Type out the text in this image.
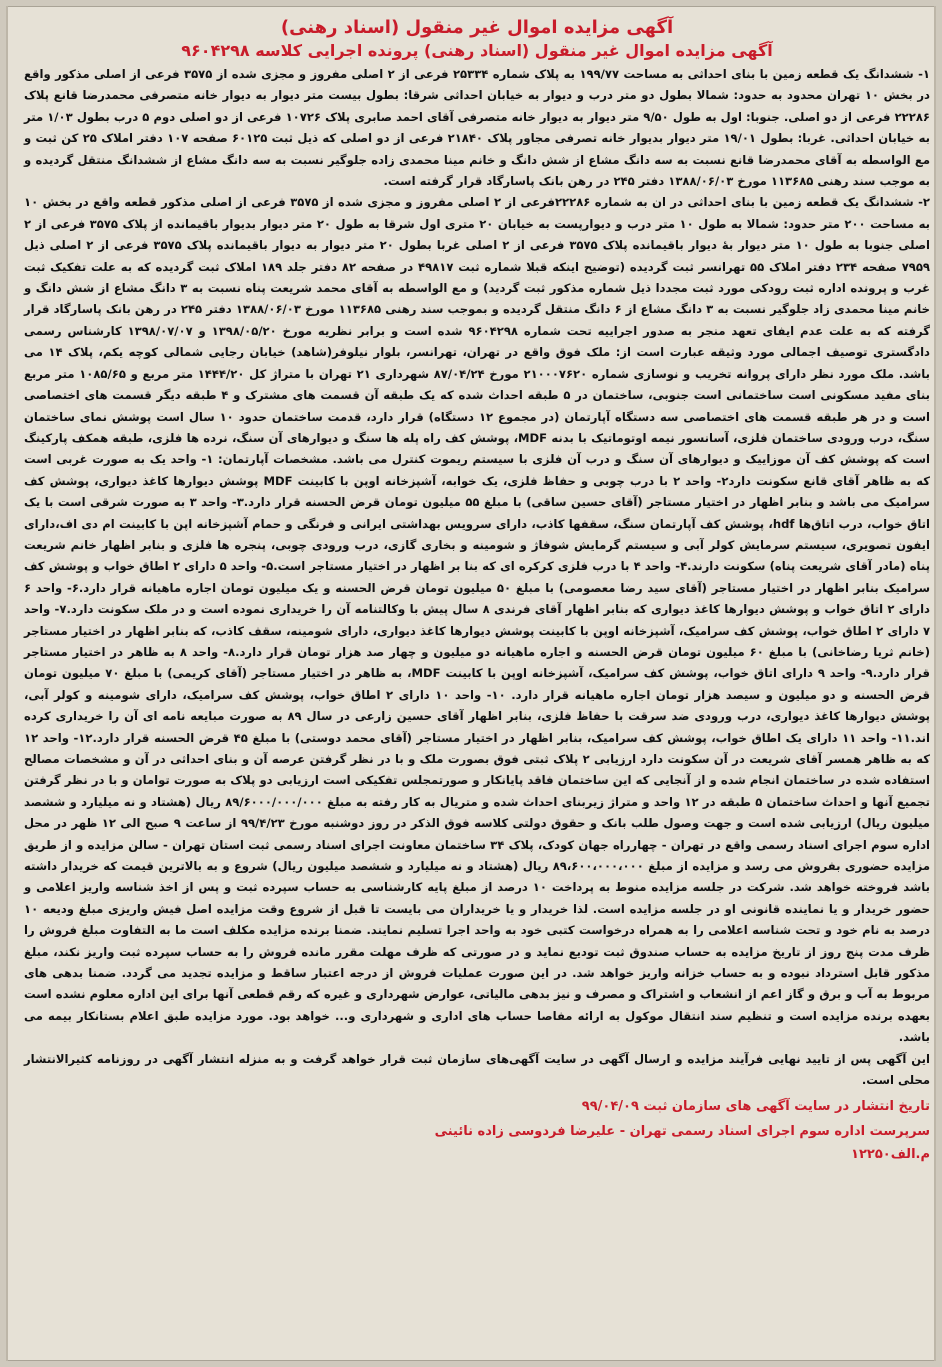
آگهی مزایده اموال غیر منقول (اسناد رهنی)
آگهی مزایده اموال غیر منقول (اسناد رهنی) پرونده اجرایی کلاسه ۹۶۰۴۲۹۸

۱- ششدانگ یک قطعه زمین با بنای احداثی به مساحت ۱۹۹/۷۷ به پلاک شماره ۲۵۳۳۴ فرعی از ۲ اصلی مفروز و مجزی شده از ۳۵۷۵ فرعی از اصلی مذکور واقع در بخش ۱۰ تهران محدود به حدود: شمالا بطول دو متر درب و دیوار به خیابان احداثی شرقا: بطول بیست متر دیوار به دیوار خانه متصرفی محمدرضا قانع پلاک ۲۲۲۸۶ فرعی از دو اصلی. جنوبا: اول به طول ۹/۵۰ متر دیوار به دیوار خانه متصرفی آقای احمد صابری پلاک ۱۰۷۲۶ فرعی از دو اصلی دوم ۵ درب بطول ۱/۰۳ متر به خیابان احداثی. غربا: بطول ۱۹/۰۱ متر دیوار بدیوار خانه تصرفی مجاور پلاک ۲۱۸۴۰ فرعی از دو اصلی که ذیل ثبت ۶۰۱۲۵ صفحه ۱۰۷ دفتر املاک ۲۵ کن ثبت و مع الواسطه به آقای محمدرضا قانع نسبت به سه دانگ مشاع از شش دانگ و خانم مینا محمدی زاده جلوگیر نسبت به سه دانگ مشاع از ششدانگ منتقل گردیده و به موجب سند رهنی ۱۱۳۶۸۵ مورخ ۱۳۸۸/۰۶/۰۳ دفتر ۲۴۵ در رهن بانک پاسارگاد قرار گرفته است.

۲- ششدانگ یک قطعه زمین با بنای احداثی در ان به شماره ۲۲۲۸۶فرعی از ۲ اصلی مفروز و مجزی شده از ۳۵۷۵ فرعی از اصلی مذکور قطعه واقع در بخش ۱۰ به مساحت ۲۰۰ متر حدود: شمالا به طول ۱۰ متر درب و دیوارپست به خیابان ۲۰ متری اول شرقا به طول ۲۰ متر دیوار بدیوار باقیمانده از پلاک ۳۵۷۵ فرعی از ۲ اصلی جنوبا به طول ۱۰ متر دیوار بهٔ دیوار باقیمانده پلاک ۳۵۷۵ فرعی از ۲ اصلی غربا بطول ۲۰ متر دیوار به دیوار باقیمانده پلاک ۳۵۷۵ فرعی از ۲ اصلی ذیل ۷۹۵۹ صفحه ۲۳۴ دفتر املاک ۵۵ تهرانسر ثبت گردیده (توضیح اینکه قبلا شماره ثبت ۴۹۸۱۷ در صفحه ۸۲ دفتر جلد ۱۸۹ املاک ثبت گردیده که به علت تفکیک ثبت غرب و پرونده اداره ثبت رودکی مورد ثبت مجددا ذیل شماره مذکور ثبت گردید) و مع الواسطه به آقای محمد شریعت پناه نسبت به ۳ دانگ مشاع از شش دانگ و خانم مینا محمدی زاد جلوگیر نسبت به ۳ دانگ مشاع از ۶ دانگ منتقل گردیده و بموجب سند رهنی ۱۱۳۶۸۵ مورخ ۱۳۸۸/۰۶/۰۳ دفتر ۲۴۵ در رهن بانک پاسارگاد قرار گرفته که به علت عدم ایفای تعهد منجر به صدور اجراییه تحت شماره ۹۶۰۴۲۹۸ شده است و برابر نظریه مورخ ۱۳۹۸/۰۵/۲۰ و ۱۳۹۸/۰۷/۰۷ کارشناس رسمی دادگستری توصیف اجمالی مورد وثیقه عبارت است از: ملک فوق واقع در تهران، تهرانسر، بلوار نیلوفر(شاهد) خیابان رجایی شمالی کوچه یکم، پلاک ۱۴ می باشد. ملک مورد نظر دارای پروانه تخریب و نوسازی شماره ۲۱۰۰۰۷۶۲۰ مورخ ۸۷/۰۴/۲۴ شهرداری ۲۱ تهران با متراژ کل ۱۴۴۴/۲۰ متر مربع و ۱۰۸۵/۶۵ متر مربع بنای مفید مسکونی است ساختمانی است جنوبی، ساختمان در ۵ طبقه احداث شده که یک طبقه آن قسمت های مشترک و ۴ طبقه دیگر قسمت های اختصاصی است و در هر طبقه قسمت های اختصاصی سه دستگاه آپارتمان (در مجموع ۱۲ دستگاه) قرار دارد، قدمت ساختمان حدود ۱۰ سال است پوشش نمای ساختمان سنگ، درب ورودی ساختمان فلزی، آسانسور نیمه اوتوماتیک با بدنه MDF، پوشش کف راه پله ها سنگ و دیوارهای آن سنگ، نرده ها فلزی، طبقه همکف پارکینگ است که پوشش کف آن موزاییک و دیوارهای آن سنگ و درب آن فلزی با سیستم ریموت کنترل می باشد. مشخصات آپارتمان: ۱- واحد یک به صورت غربی است که به ظاهر آقای قانع سکونت دارد۲- واحد ۲ با درب چوبی و حفاظ فلزی، یک خوابه، آشپزخانه اوپن با کابینت MDF پوشش دیوارها کاغذ دیواری، پوشش کف سرامیک می باشد و بنابر اظهار در اختیار مستاجر (آقای حسین ساقی) با مبلغ ۵۵ میلیون تومان قرض الحسنه قرار دارد.۳- واحد ۳ به صورت شرقی است با یک اتاق خواب، درب اتاق‌ها hdf، پوشش کف آپارتمان سنگ، سقفها کاذب، دارای سرویس بهداشتی ایرانی و فرنگی و حمام آشپزخانه اپن با کابینت ام دی اف،دارای ایفون تصویری، سیستم سرمایش کولر آبی و سیستم گرمایش شوفاژ و شومینه و بخاری گازی، درب ورودی چوبی، پنجره ها فلزی و بنابر اظهار خانم شریعت پناه (مادر آقای شریعت پناه) سکونت دارند.۴- واحد ۴ با درب فلزی کرکره ای که بنا بر اظهار در اختیار مستاجر است.۵- واحد ۵ دارای ۲ اطاق خواب و پوشش کف سرامیک بنابر اظهار در اختیار مستاجر (آقای سید رضا معصومی) با مبلغ ۵۰ میلیون تومان قرض الحسنه و یک میلیون تومان اجاره ماهیانه قرار دارد.۶- واحد ۶ دارای ۲ اتاق خواب و پوشش دیوارها کاغذ دیواری که بنابر اظهار آقای فرندی ۸ سال پیش با وکالتنامه آن را خریداری نموده است و در ملک سکونت دارد.۷- واحد ۷ دارای ۲ اطاق خواب، پوشش کف سرامیک، آشپزخانه اوپن با کابینت پوشش دیوارها کاغذ دیواری، دارای شومینه، سقف کاذب، که بنابر اظهار در اختیار مستاجر (خانم ثریا رضاخانی) با مبلغ ۶۰ میلیون تومان قرض الحسنه و اجاره ماهیانه دو میلیون و چهار صد هزار تومان قرار دارد.۸- واحد ۸ به ظاهر در اختیار مستاجر قرار دارد.۹- واحد ۹ دارای اتاق خواب، پوشش کف سرامیک، آشپزخانه اوپن با کابینت MDF، به ظاهر در اختیار مستاجر (آقای کریمی) با مبلغ ۷۰ میلیون تومان قرض الحسنه و دو میلیون و سیصد هزار تومان اجاره ماهیانه قرار دارد. ۱۰- واحد ۱۰ دارای ۲ اطاق خواب، پوشش کف سرامیک، دارای شومینه و کولر آبی، پوشش دیوارها کاغذ دیواری، درب ورودی ضد سرقت با حفاظ فلزی، بنابر اظهار آقای حسین زارعی در سال ۸۹ به صورت مبایعه نامه ای آن را خریداری کرده اند.۱۱- واحد ۱۱ دارای یک اطاق خواب، پوشش کف سرامیک، بنابر اظهار در اختیار مستاجر (آقای محمد دوستی) با مبلغ ۴۵ قرض الحسنه قرار دارد.۱۲- واحد ۱۲ که به ظاهر همسر آقای شریعت در آن سکونت دارد ارزیابی ۲ پلاک ثبتی فوق بصورت ملک و با در نظر گرفتن عرصه آن و بنای احداثی در آن و مشخصات مصالح استفاده شده در ساختمان انجام شده و از آنجایی که این ساختمان فاقد پایانکار و صورتمجلس تفکیکی است ارزیابی دو پلاک به صورت توامان و با در نظر گرفتن تجمیع آنها و احداث ساختمان ۵ طبقه در ۱۲ واحد و متراژ زیربنای احداث شده و متریال به کار رفته به مبلغ ۸۹/۶۰۰۰/۰۰۰/۰۰۰ ریال (هشتاد و نه میلیارد و ششصد میلیون ریال) ارزیابی شده است و جهت وصول طلب بانک و حقوق دولتی کلاسه فوق الذکر در روز دوشنبه مورخ ۹۹/۴/۲۳ از ساعت ۹ صبح الی ۱۲ ظهر در محل اداره سوم اجرای اسناد رسمی واقع در تهران - چهارراه جهان کودک، پلاک ۳۴ ساختمان معاونت اجرای اسناد رسمی ثبت استان تهران - سالن مزایده و از طریق مزایده حضوری بفروش می رسد و مزایده از مبلغ ۸۹،۶۰۰،۰۰۰،۰۰۰ ریال (هشتاد و نه میلیارد و ششصد میلیون ریال) شروع و به بالاترین قیمت که خریدار داشته باشد فروخته خواهد شد. شرکت در جلسه مزایده منوط به پرداخت ۱۰ درصد از مبلغ پایه کارشناسی به حساب سپرده ثبت و پس از اخذ شناسه واریز اعلامی و حضور خریدار و یا نماینده قانونی او در جلسه مزایده است. لذا خریدار و یا خریداران می بایست تا قبل از شروع وقت مزایده اصل فیش واریزی مبلغ ودیعه ۱۰ درصد به نام خود و تحت شناسه اعلامی را به همراه درخواست کتبی خود به واحد اجرا تسلیم نمایند. ضمنا برنده مزایده مکلف است ما به التفاوت مبلغ فروش را ظرف مدت پنج روز از تاریخ مزایده به حساب صندوق ثبت تودیع نماید و در صورتی که ظرف مهلت مقرر مانده فروش را به حساب سپرده ثبت واریز نکند، مبلغ مذکور قابل استرداد نبوده و به حساب خزانه واریز خواهد شد. در این صورت عملیات فروش از درجه اعتبار ساقط و مزایده تجدید می گردد. ضمنا بدهی های مربوط به آب و برق و گاز اعم از انشعاب و اشتراک و مصرف و نیز بدهی مالیاتی، عوارض شهرداری و غیره که رقم قطعی آنها برای این اداره معلوم نشده است بعهده برنده مزایده است و تنظیم سند انتقال موکول به ارائه مفاصا حساب های اداری و شهرداری و... خواهد بود. مورد مزایده طبق اعلام بستانکار بیمه می باشد.

این آگهی پس از تایید نهایی فرآیند مزایده و ارسال آگهی در سایت آگهی‌های سازمان ثبت قرار خواهد گرفت و به منزله انتشار آگهی در روزنامه کثیرالانتشار محلی است.

تاریخ انتشار در سایت آگهی های سازمان ثبت ۹۹/۰۴/۰۹
سرپرست اداره سوم اجرای اسناد رسمی تهران - علیرضا فردوسی زاده نائینی
م.الف۱۲۲۵۰
